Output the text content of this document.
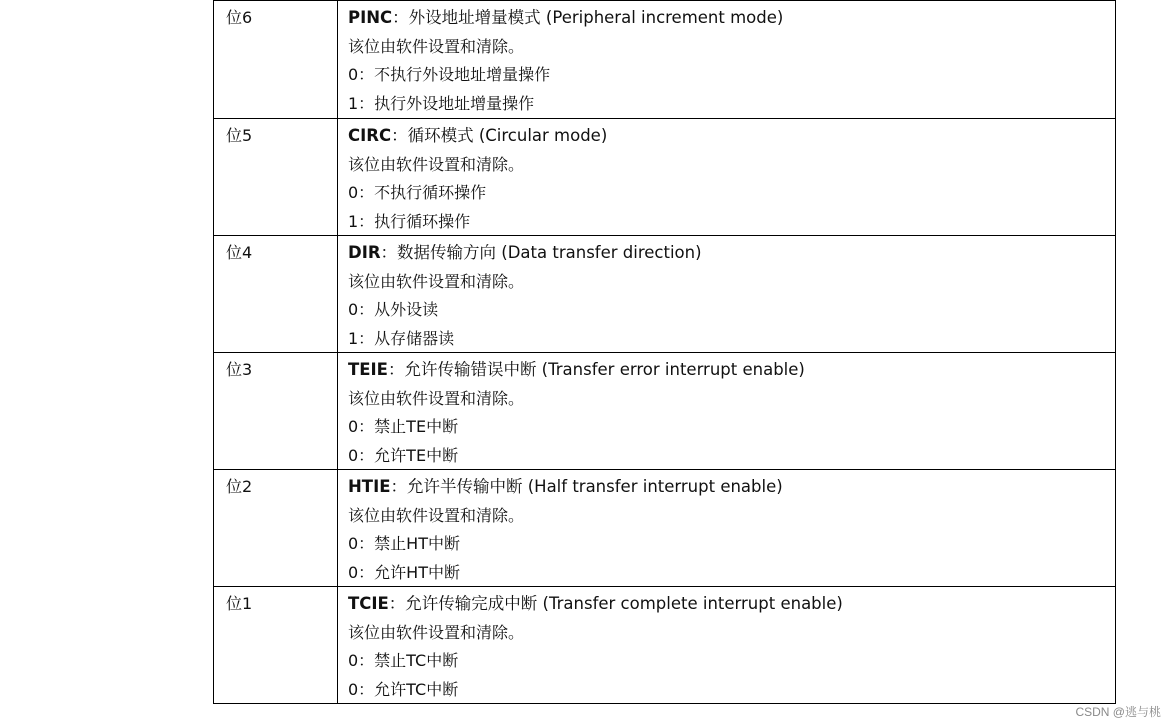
位6	PINC：外设地址增量模式 (Peripheral increment mode)
该位由软件设置和清除。
0：不执行外设地址增量操作
1：执行外设地址增量操作
位5	CIRC：循环模式 (Circular mode)
该位由软件设置和清除。
0：不执行循环操作
1：执行循环操作
位4	DIR：数据传输方向 (Data transfer direction)
该位由软件设置和清除。
0：从外设读
1：从存储器读
位3	TEIE：允许传输错误中断 (Transfer error interrupt enable)
该位由软件设置和清除。
0：禁止TE中断
0：允许TE中断
位2	HTIE：允许半传输中断 (Half transfer interrupt enable)
该位由软件设置和清除。
0：禁止HT中断
0：允许HT中断
位1	TCIE：允许传输完成中断 (Transfer complete interrupt enable)
该位由软件设置和清除。
0：禁止TC中断
0：允许TC中断
CSDN @逃与桃
